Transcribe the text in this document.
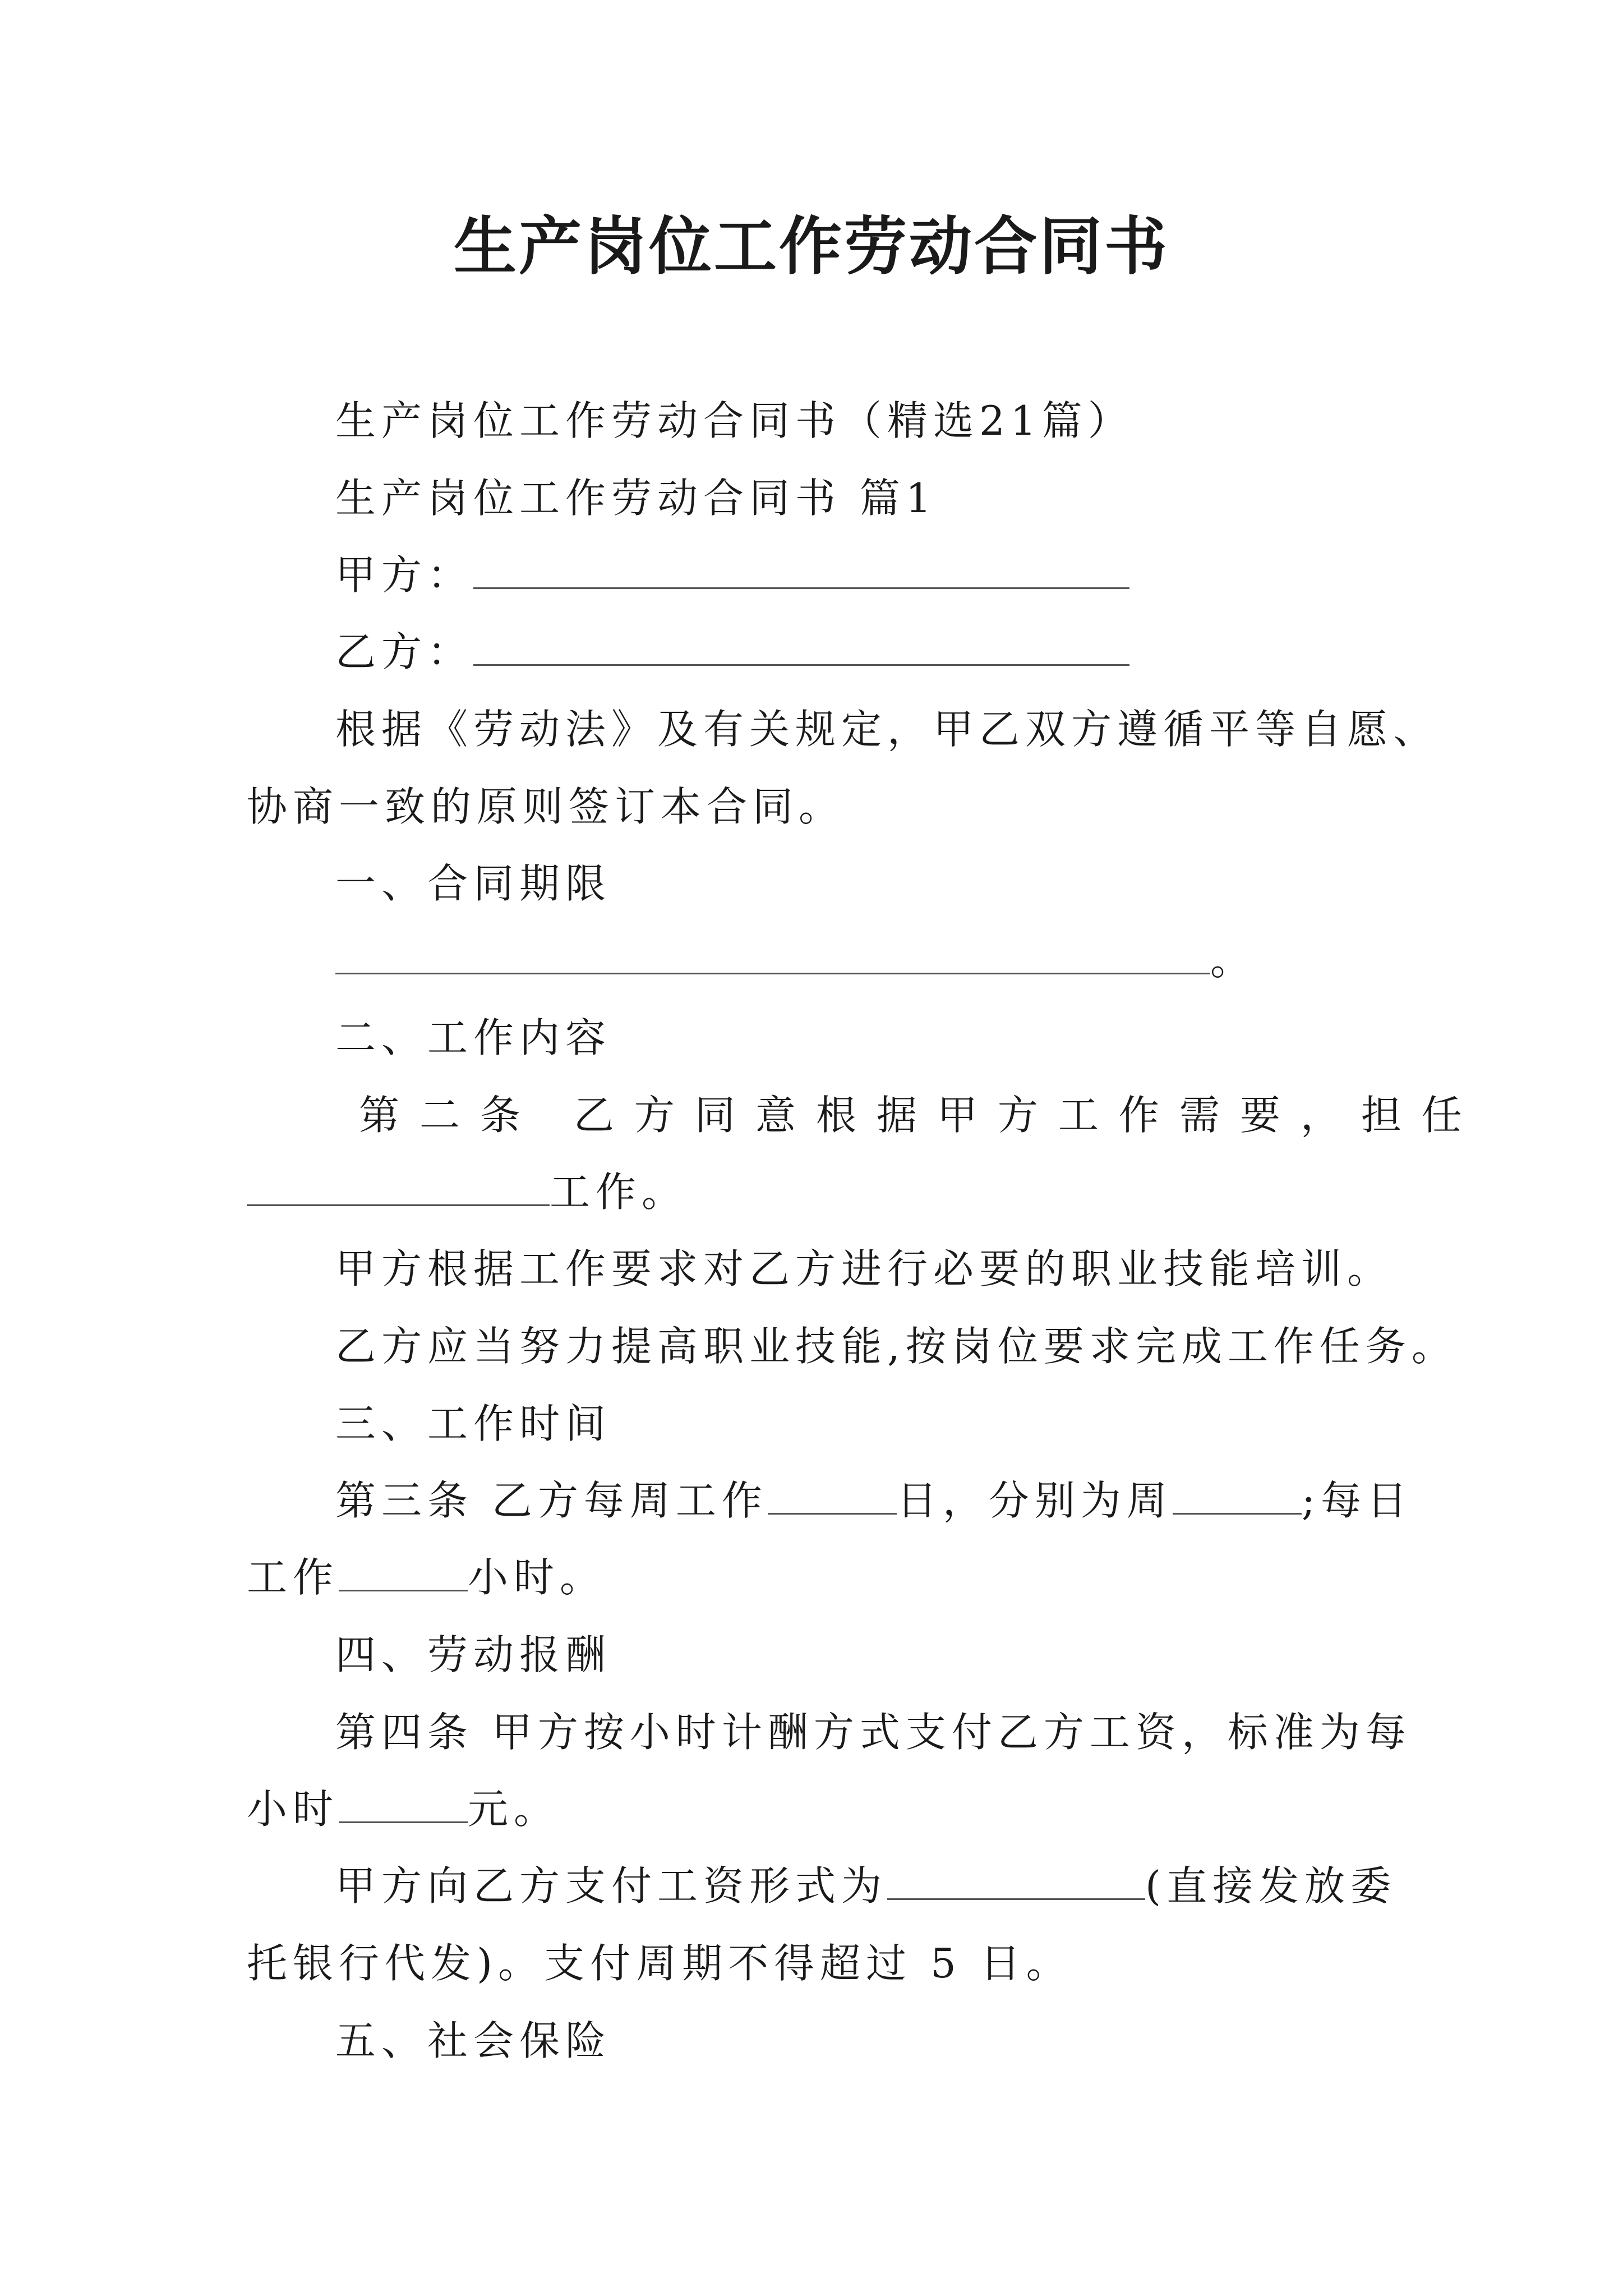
生产岗位工作劳动合同书
生产岗位工作劳动合同书（精选21篇）
生产岗位工作劳动合同书 篇1
甲方：
乙方：
根据《劳动法》及有关规定，甲乙双方遵循平等自愿、
协商一致的原则签订本合同。
一、合同期限
。
二、工作内容
第二条 乙方同意根据甲方工作需要，担任
工作。
甲方根据工作要求对乙方进行必要的职业技能培训。
乙方应当努力提高职业技能,按岗位要求完成工作任务。
三、工作时间
第三条 乙方每周工作	日，分别为周	;每日
工作	小时。
四、劳动报酬
第四条 甲方按小时计酬方式支付乙方工资，标准为每
小时	元。
甲方向乙方支付工资形式为	(直接发放委
托银行代发)。支付周期不得超过 5 日。
五、社会保险
